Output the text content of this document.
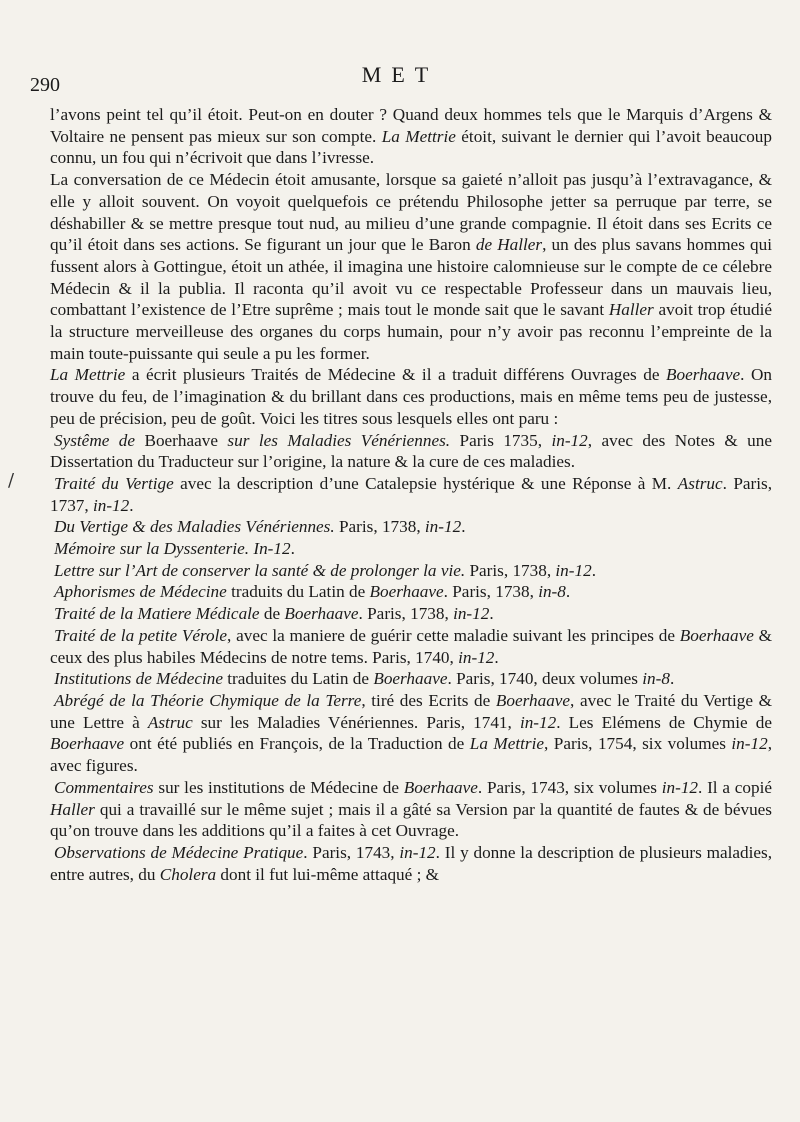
290	MET
/

l’avons peint tel qu’il étoit. Peut-on en douter ? Quand deux hommes tels que le Marquis d’Argens & Voltaire ne pensent pas mieux sur son compte. La Mettrie étoit, suivant le dernier qui l’avoit beaucoup connu, un fou qui n’écrivoit que dans l’ivresse.

La conversation de ce Médecin étoit amusante, lorsque sa gaieté n’alloit pas jusqu’à l’extravagance, & elle y alloit souvent. On voyoit quelquefois ce prétendu Philosophe jetter sa perruque par terre, se déshabiller & se mettre presque tout nud, au milieu d’une grande compagnie. Il étoit dans ses Ecrits ce qu’il étoit dans ses actions. Se figurant un jour que le Baron de Haller, un des plus savans hommes qui fussent alors à Gottingue, étoit un athée, il imagina une histoire calomnieuse sur le compte de ce célebre Médecin & il la publia. Il raconta qu’il avoit vu ce respectable Professeur dans un mauvais lieu, combattant l’existence de l’Etre suprême ; mais tout le monde sait que le savant Haller avoit trop étudié la structure merveilleuse des organes du corps humain, pour n’y avoir pas reconnu l’empreinte de la main toute-puissante qui seule a pu les former.

La Mettrie a écrit plusieurs Traités de Médecine & il a traduit différens Ouvrages de Boerhaave. On trouve du feu, de l’imagination & du brillant dans ces productions, mais en même tems peu de justesse, peu de précision, peu de goût. Voici les titres sous lesquels elles ont paru :

Systême de Boerhaave sur les Maladies Vénériennes. Paris 1735, in-12, avec des Notes & une Dissertation du Traducteur sur l’origine, la nature & la cure de ces maladies.

Traité du Vertige avec la description d’une Catalepsie hystérique & une Réponse à M. Astruc. Paris, 1737, in-12.

Du Vertige & des Maladies Vénériennes. Paris, 1738, in-12.

Mémoire sur la Dyssenterie. In-12.

Lettre sur l’Art de conserver la santé & de prolonger la vie. Paris, 1738, in-12.

Aphorismes de Médecine traduits du Latin de Boerhaave. Paris, 1738, in-8.

Traité de la Matiere Médicale de Boerhaave. Paris, 1738, in-12.

Traité de la petite Vérole, avec la maniere de guérir cette maladie suivant les principes de Boerhaave & ceux des plus habiles Médecins de notre tems. Paris, 1740, in-12.

Institutions de Médecine traduites du Latin de Boerhaave. Paris, 1740, deux volumes in-8.

Abrégé de la Théorie Chymique de la Terre, tiré des Ecrits de Boerhaave, avec le Traité du Vertige & une Lettre à Astruc sur les Maladies Vénériennes. Paris, 1741, in-12. Les Elémens de Chymie de Boerhaave ont été publiés en François, de la Traduction de La Mettrie, Paris, 1754, six volumes in-12, avec figures.

Commentaires sur les institutions de Médecine de Boerhaave. Paris, 1743, six volumes in-12. Il a copié Haller qui a travaillé sur le même sujet ; mais il a gâté sa Version par la quantité de fautes & de bévues qu’on trouve dans les additions qu’il a faites à cet Ouvrage.

Observations de Médecine Pratique. Paris, 1743, in-12. Il y donne la description de plusieurs maladies, entre autres, du Cholera dont il fut lui-même attaqué ; &
